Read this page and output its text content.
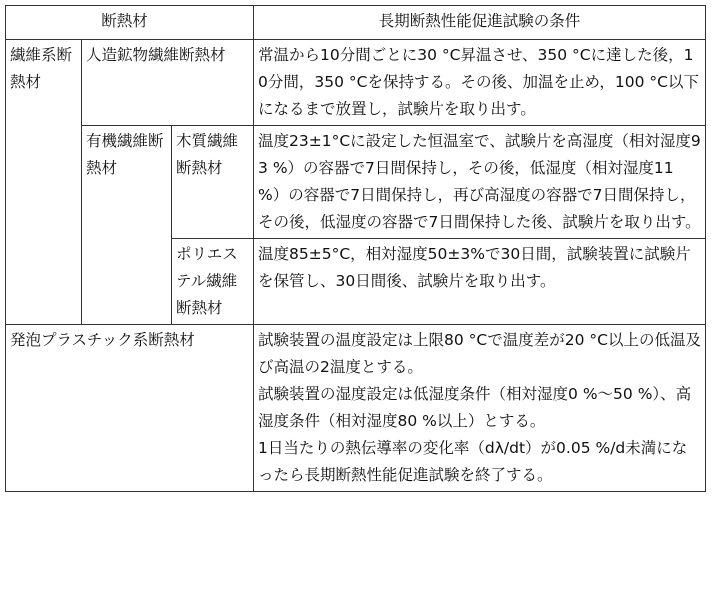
断熱材			長期断熱性能促進試験の条件
繊維系断熱材	人造鉱物繊維断熱材		常温から10分間ごとに30 °C昇温させ、350 °Cに達した後，10分間，350 °Cを保持する。その後、加温を止め，100 °C以下になるまで放置し，試験片を取り出す。
	有機繊維断熱材	木質繊維断熱材	温度23±1°Cに設定した恒温室で、試験片を高湿度（相対湿度93 %）の容器で7日間保持し，その後，低湿度（相対湿度11 %）の容器で7日間保持し，再び高湿度の容器で7日間保持し，その後，低湿度の容器で7日間保持した後、試験片を取り出す。
		ポリエステル繊維断熱材	温度85±5°C，相対湿度50±3%で30日間，試験装置に試験片を保管し、30日間後、試験片を取り出す。
発泡プラスチック系断熱材			試験装置の温度設定は上限80 °Cで温度差が20 °C以上の低温及び高温の2温度とする。
試験装置の湿度設定は低湿度条件（相対湿度0 %～50 %）、高湿度条件（相対湿度80 %以上）とする。
1日当たりの熱伝導率の変化率（dλ/dt）が0.05 %/d未満になったら長期断熱性能促進試験を終了する。
